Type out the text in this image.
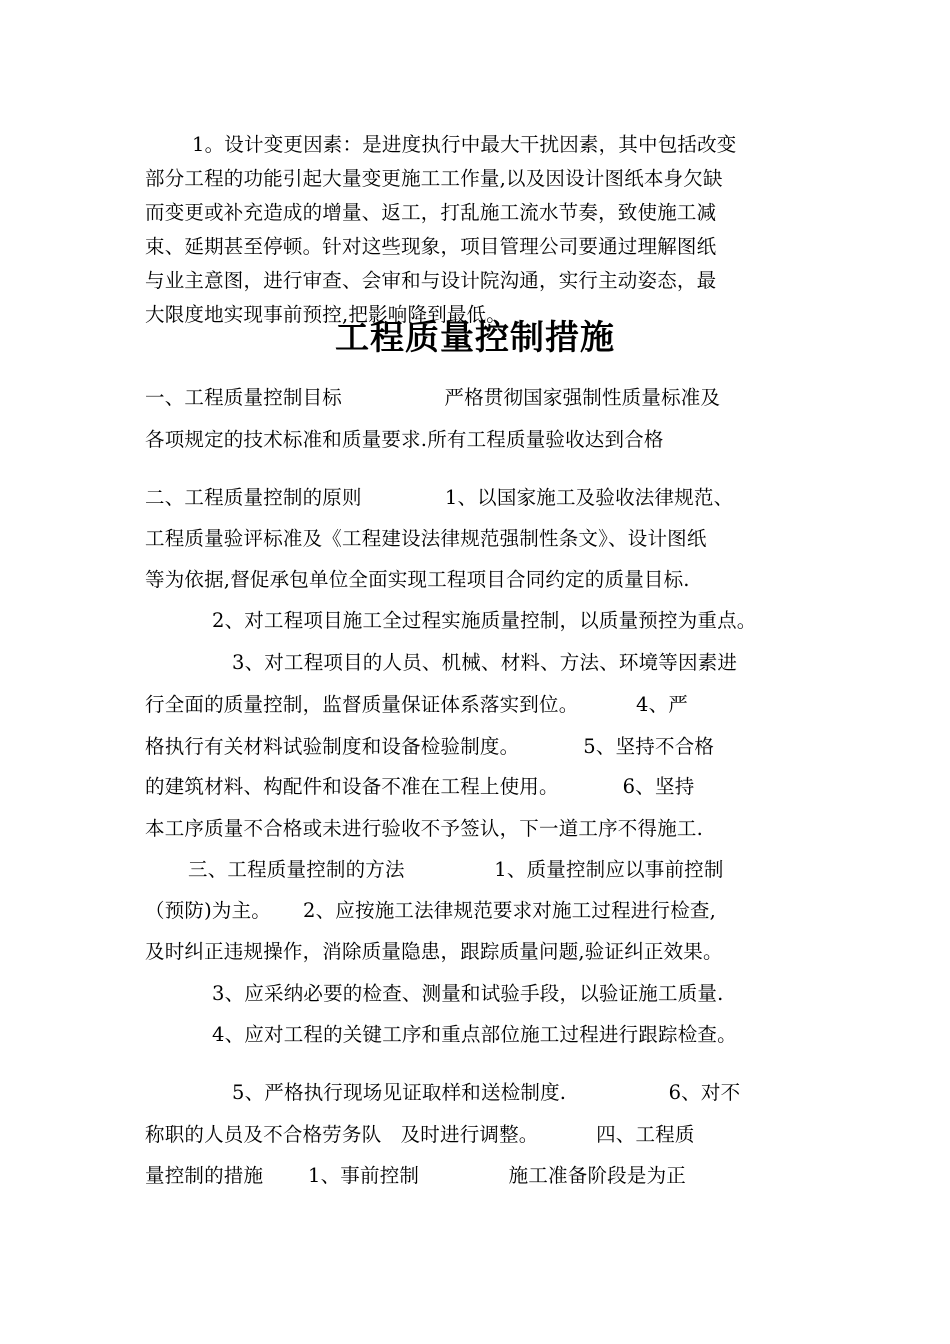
1。设计变更因素：是进度执行中最大干扰因素，其中包括改变
部分工程的功能引起大量变更施工工作量,以及因设计图纸本身欠缺
而变更或补充造成的增量、返工，打乱施工流水节奏，致使施工减
束、延期甚至停顿。针对这些现象，项目管理公司要通过理解图纸
与业主意图，进行审查、会审和与设计院沟通，实行主动姿态，最
大限度地实现事前预控,把影响降到最低。
工程质量控制措施
一、工程质量控制目标                严格贯彻国家强制性质量标准及
各项规定的技术标准和质量要求.所有工程质量验收达到合格
二、工程质量控制的原则             1、以国家施工及验收法律规范、
工程质量验评标准及《工程建设法律规范强制性条文》、设计图纸
等为依据,督促承包单位全面实现工程项目合同约定的质量目标.
2、对工程项目施工全过程实施质量控制，以质量预控为重点。
3、对工程项目的人员、机械、材料、方法、环境等因素进
行全面的质量控制，监督质量保证体系落实到位。         4、严
格执行有关材料试验制度和设备检验制度。          5、坚持不合格
的建筑材料、构配件和设备不准在工程上使用。          6、坚持
本工序质量不合格或未进行验收不予签认，下一道工序不得施工.
三、工程质量控制的方法              1、质量控制应以事前控制
（预防)为主。     2、应按施工法律规范要求对施工过程进行检查,
及时纠正违规操作，消除质量隐患，跟踪质量问题,验证纠正效果。
3、应采纳必要的检查、测量和试验手段，以验证施工质量.
4、应对工程的关键工序和重点部位施工过程进行跟踪检查。
5、严格执行现场见证取样和送检制度.                6、对不
称职的人员及不合格劳务队   及时进行调整。         四、工程质
量控制的措施       1、事前控制              施工准备阶段是为正
